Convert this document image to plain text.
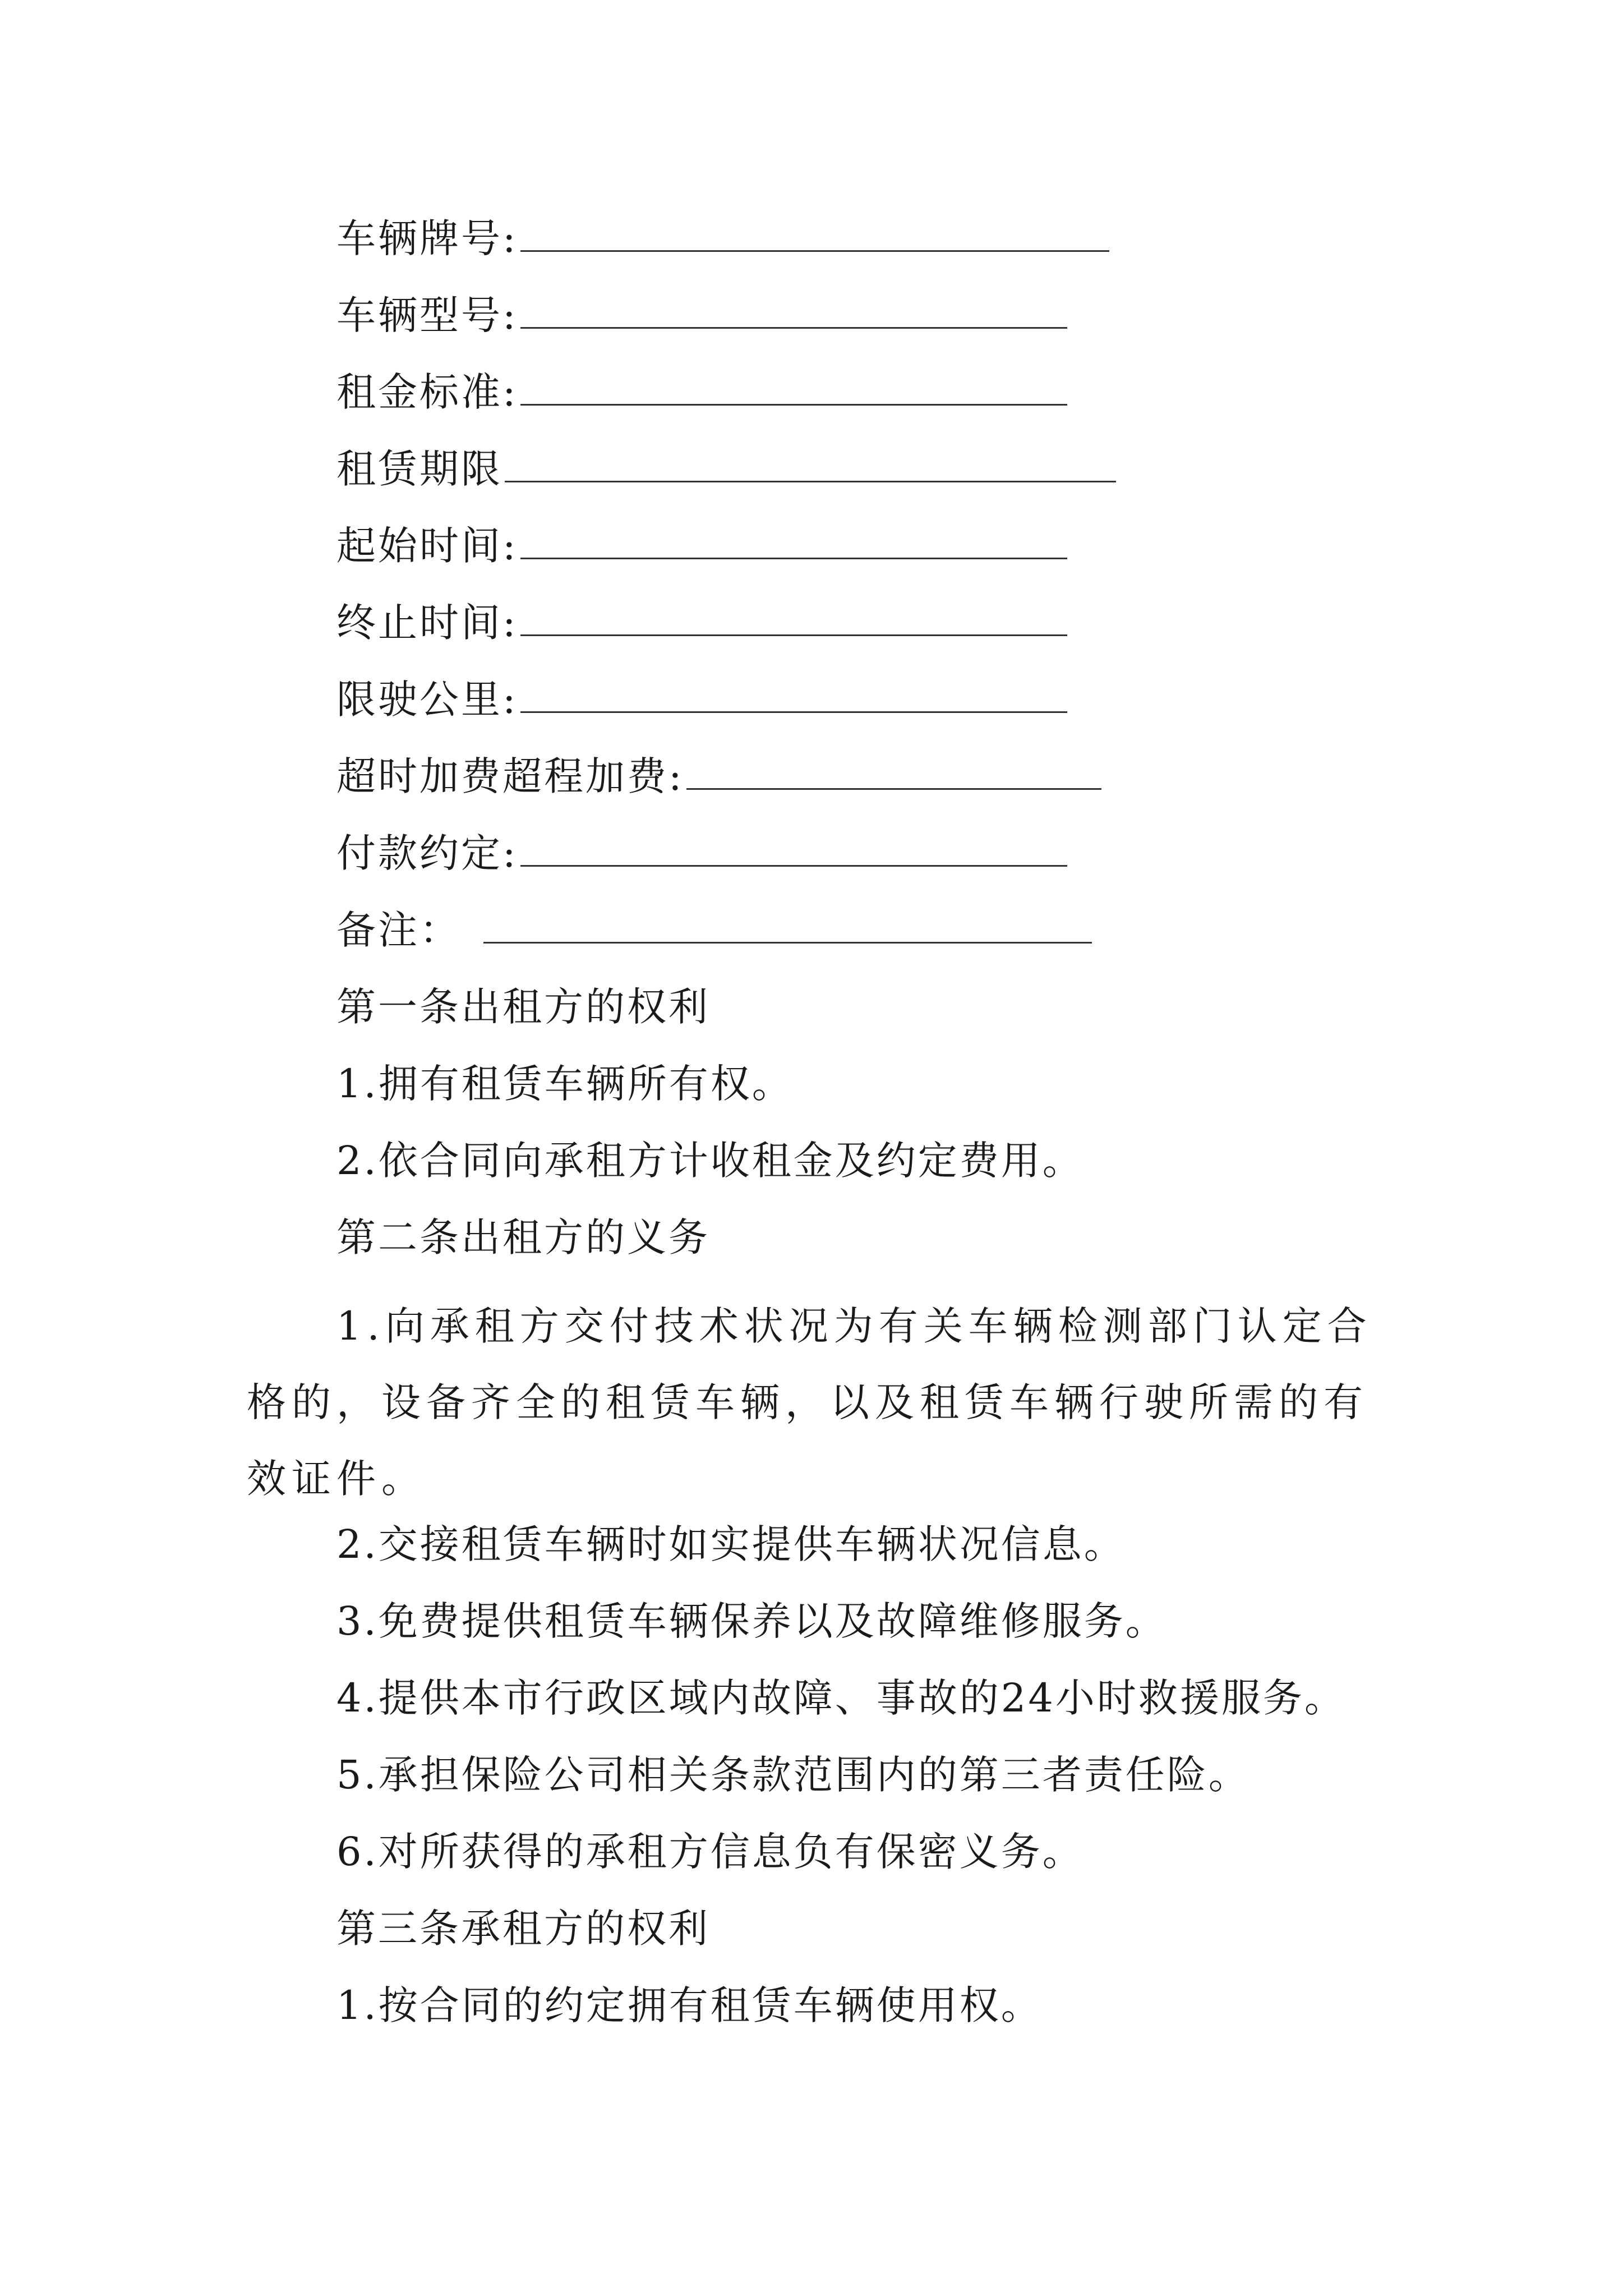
车辆牌号:
车辆型号:
租金标准:
租赁期限
起始时间:
终止时间:
限驶公里:
超时加费超程加费:
付款约定:
备注：
第一条出租方的权利
1.拥有租赁车辆所有权。
2.依合同向承租方计收租金及约定费用。
第二条出租方的义务
1.向承租方交付技术状况为有关车辆检测部门认定合格的，设备齐全的租赁车辆，以及租赁车辆行驶所需的有效证件。
2.交接租赁车辆时如实提供车辆状况信息。
3.免费提供租赁车辆保养以及故障维修服务。
4.提供本市行政区域内故障、事故的24小时救援服务。
5.承担保险公司相关条款范围内的第三者责任险。
6.对所获得的承租方信息负有保密义务。
第三条承租方的权利
1.按合同的约定拥有租赁车辆使用权。
